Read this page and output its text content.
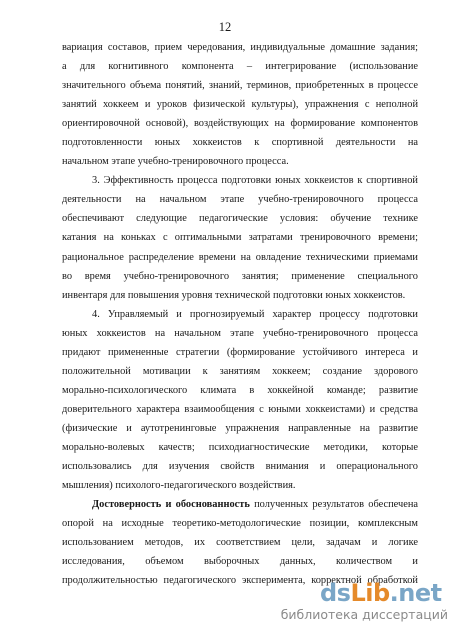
12
вариация составов, прием чередования, индивидуальные домашние задания;
а для когнитивного компонента – интегрирование (использование
значительного объема понятий, знаний, терминов, приобретенных в процессе
занятий хоккеем и уроков физической культуры), упражнения с неполной
ориентировочной основой), воздействующих на формирование компонентов
подготовленности юных хоккеистов к спортивной деятельности на
начальном этапе учебно-тренировочного процесса.
3. Эффективность процесса подготовки юных хоккеистов к спортивной
деятельности на начальном этапе учебно-тренировочного процесса
обеспечивают следующие педагогические условия: обучение технике
катания на коньках с оптимальными затратами тренировочного времени;
рациональное распределение времени на овладение техническими приемами
во время учебно-тренировочного занятия; применение специального
инвентаря для повышения уровня технической подготовки юных хоккеистов.
4. Управляемый и прогнозируемый характер процессу подготовки
юных хоккеистов на начальном этапе учебно-тренировочного процесса
придают примененные стратегии (формирование устойчивого интереса и
положительной мотивации к занятиям хоккеем; создание здорового
морально-психологического климата в хоккейной команде; развитие
доверительного характера взаимообщения с юными хоккеистами) и средства
(физические и аутотренинговые упражнения направленные на развитие
морально-волевых качеств; психодиагностические методики, которые
использовались для изучения свойств внимания и операционального
мышления) психолого-педагогического воздействия.
Достоверность и обоснованность полученных результатов обеспечена
опорой на исходные теоретико-методологические позиции, комплексным
использованием методов, их соответствием цели, задачам и логике
исследования, объемом выборочных данных, количеством и
продолжительностью педагогического эксперимента, корректной обработкой
dsLib.net
библиотека диссертаций
